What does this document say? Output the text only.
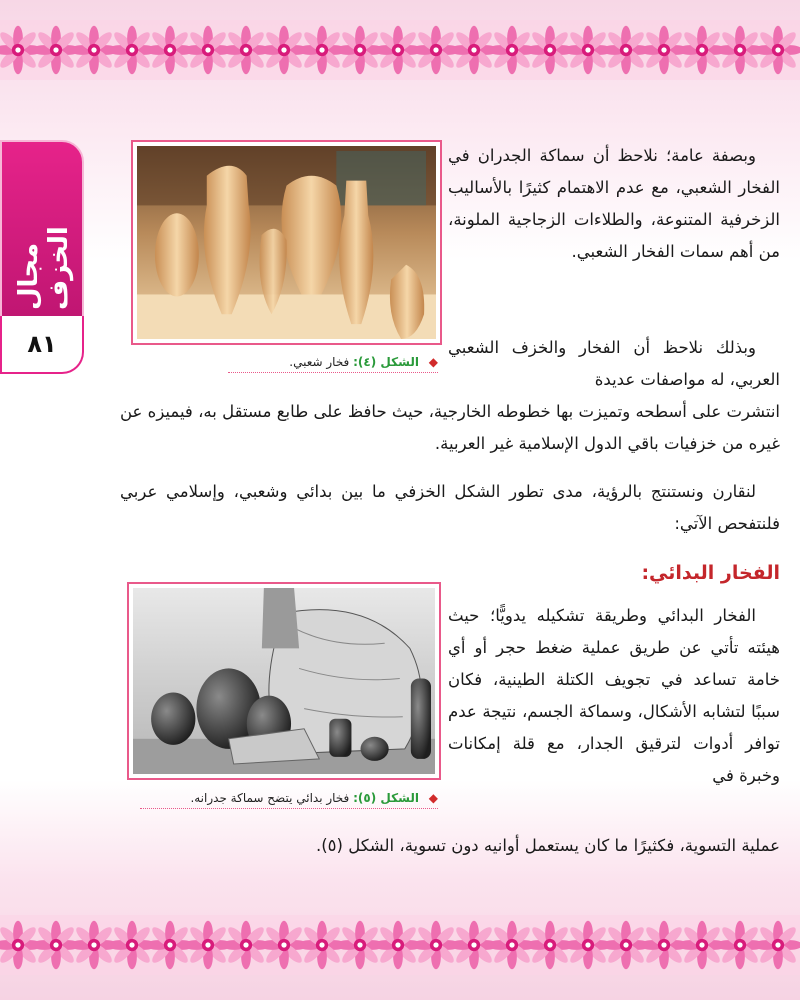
مجال الخزف
٨١
◆ الشكل (٤): فخار شعبي.

وبصفة عامة؛ نلاحظ أن سماكة الجدران في الفخار الشعبي، مع عدم الاهتمام كثيرًا بالأساليب الزخرفية المتنوعة، والطلاءات الزجاجية الملونة، من أهم سمات الفخار الشعبي.

وبذلك نلاحظ أن الفخار والخزف الشعبي العربي، له مواصفات عديدة

انتشرت على أسطحه وتميزت بها خطوطه الخارجية، حيث حافظ على طابع مستقل به، فيميزه عن غيره من خزفيات باقي الدول الإسلامية غير العربية.

لنقارن ونستنتج بالرؤية، مدى تطور الشكل الخزفي ما بين بدائي وشعبي، وإسلامي عربي فلنتفحص الآتي:

الفخار البدائي:
◆ الشكل (٥): فخار بدائي يتضح سماكة جدرانه.

الفخار البدائي وطريقة تشكيله يدويًّا؛ حيث هيئته تأتي عن طريق عملية ضغط حجر أو أي خامة تساعد في تجويف الكتلة الطينية، فكان سببًا لتشابه الأشكال، وسماكة الجسم، نتيجة عدم توافر أدوات لترقيق الجدار، مع قلة إمكانات وخبرة في

عملية التسوية، فكثيرًا ما كان يستعمل أوانيه دون تسوية، الشكل (٥).
